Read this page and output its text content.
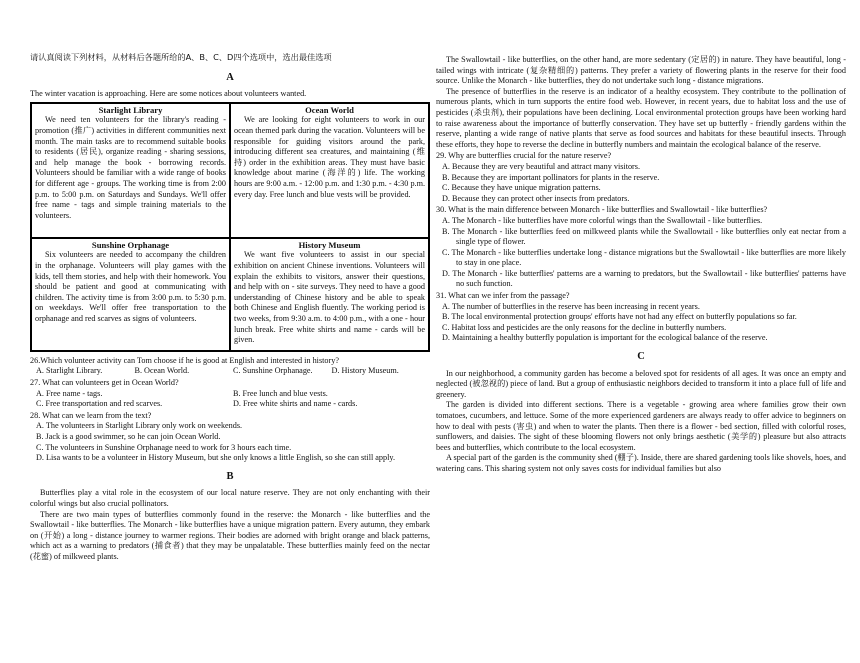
请认真阅读下列材料，从材料后各题所给的A、B、C、D四个选项中，选出最佳选项

A

The winter vacation is approaching. Here are some notices about volunteers wanted.

Starlight Library

We need ten volunteers for the library's reading - promotion (推广) activities in different communities next month. The main tasks are to recommend suitable books to residents (居民), organize reading - sharing sessions, and help manage the book - borrowing records. Volunteers should be familiar with a wide range of books for different age - groups. The working time is from 2:00 p.m. to 5:00 p.m. on Saturdays and Sundays. We'll offer free name - tags and simple training materials to the volunteers.

Ocean World

We are looking for eight volunteers to work in our ocean themed park during the vacation. Volunteers will be responsible for guiding visitors around the park, introducing different sea creatures, and maintaining (维持) order in the exhibition areas. They must have basic knowledge about marine (海洋的) life. The working hours are 9:00 a.m. - 12:00 p.m. and 1:30 p.m. - 4:30 p.m. every day. Free lunch and blue vests will be provided.

Sunshine Orphanage

Six volunteers are needed to accompany the children in the orphanage. Volunteers will play games with the kids, tell them stories, and help with their homework. You should be patient and good at communicating with children. The activity time is from 3:00 p.m. to 5:30 p.m. on weekdays. We'll offer free transportation to the orphanage and red scarves as signs of volunteers.

History Museum

We want five volunteers to assist in our special exhibition on ancient Chinese inventions. Volunteers will explain the exhibits to visitors, answer their questions, and help with on - site surveys. They need to have a good understanding of Chinese history and be able to speak both Chinese and English fluently. The working period is two weeks, from 9:30 a.m. to 4:00 p.m., with a one - hour lunch break. Free white shirts and name - cards will be given.

26.Which volunteer activity can Tom choose if he is good at English and interested in history?

A. Starlight Library.	B. Ocean World.	C. Sunshine Orphanage.	D. History Museum.

27. What can volunteers get in Ocean World?

A. Free name - tags.	B. Free lunch and blue vests.
C. Free transportation and red scarves.	D. Free white shirts and name - cards.

28. What can we learn from the text?

A. The volunteers in Starlight Library only work on weekends.

B. Jack is a good swimmer, so he can join Ocean World.

C. The volunteers in Sunshine Orphanage need to work for 3 hours each time.

D. Lisa wants to be a volunteer in History Museum, but she only knows a little English, so she can still apply.

B

Butterflies play a vital role in the ecosystem of our local nature reserve. They are not only enchanting with their colorful wings but also crucial pollinators.

There are two main types of butterflies commonly found in the reserve: the Monarch - like butterflies and the Swallowtail - like butterflies. The Monarch - like butterflies have a unique migration pattern. Every autumn, they embark on (开始) a long - distance journey to warmer regions. Their bodies are adorned with bright orange and black patterns, which act as a warning to predators (捕食者) that they may be unpalatable. These butterflies mainly feed on the nectar (花蜜) of milkweed plants.

The Swallowtail - like butterflies, on the other hand, are more sedentary (定居的) in nature. They have beautiful, long - tailed wings with intricate (复杂精细的) patterns. They prefer a variety of flowering plants in the reserve for their food source. Unlike the Monarch - like butterflies, they do not undertake such long - distance migrations.

The presence of butterflies in the reserve is an indicator of a healthy ecosystem. They contribute to the pollination of numerous plants, which in turn supports the entire food web. However, in recent years, due to habitat loss and the use of pesticides (杀虫剂), their populations have been declining. Local environmental protection groups have been working hard to raise awareness about the importance of butterfly conservation. They have set up butterfly - friendly gardens within the reserve, planting a wide range of native plants that serve as food sources and habitats for these beautiful insects. Through these efforts, they hope to reverse the decline in butterfly numbers and maintain the ecological balance of the reserve.

29. Why are butterflies crucial for the nature reserve?

A. Because they are very beautiful and attract many visitors.

B. Because they are important pollinators for plants in the reserve.

C. Because they have unique migration patterns.

D. Because they can protect other insects from predators.

30. What is the main difference between Monarch - like butterflies and Swallowtail - like butterflies?

A. The Monarch - like butterflies have more colorful wings than the Swallowtail - like butterflies.

B. The Monarch - like butterflies feed on milkweed plants while the Swallowtail - like butterflies only eat nectar from a single type of flower.

C. The Monarch - like butterflies undertake long - distance migrations but the Swallowtail - like butterflies are more likely to stay in one place.

D. The Monarch - like butterflies' patterns are a warning to predators, but the Swallowtail - like butterflies' patterns have no such function.

31. What can we infer from the passage?

A. The number of butterflies in the reserve has been increasing in recent years.

B. The local environmental protection groups' efforts have not had any effect on butterfly populations so far.

C. Habitat loss and pesticides are the only reasons for the decline in butterfly numbers.

D. Maintaining a healthy butterfly population is important for the ecological balance of the reserve.

C

In our neighborhood, a community garden has become a beloved spot for residents of all ages. It was once an empty and neglected (被忽视的) piece of land. But a group of enthusiastic neighbors decided to transform it into a place full of life and greenery.

The garden is divided into different sections. There is a vegetable - growing area where families grow their own tomatoes, cucumbers, and lettuce. Some of the more experienced gardeners are always ready to offer advice to beginners on how to deal with pests (害虫) and when to water the plants. Then there is a flower - bed section, filled with colorful roses, sunflowers, and daisies. The sight of these blooming flowers not only brings aesthetic (美学的) pleasure but also attracts bees and butterflies, which contribute to the local ecosystem.

A special part of the garden is the community shed (棚子). Inside, there are shared gardening tools like shovels, hoes, and watering cans. This sharing system not only saves costs for individual families but also
